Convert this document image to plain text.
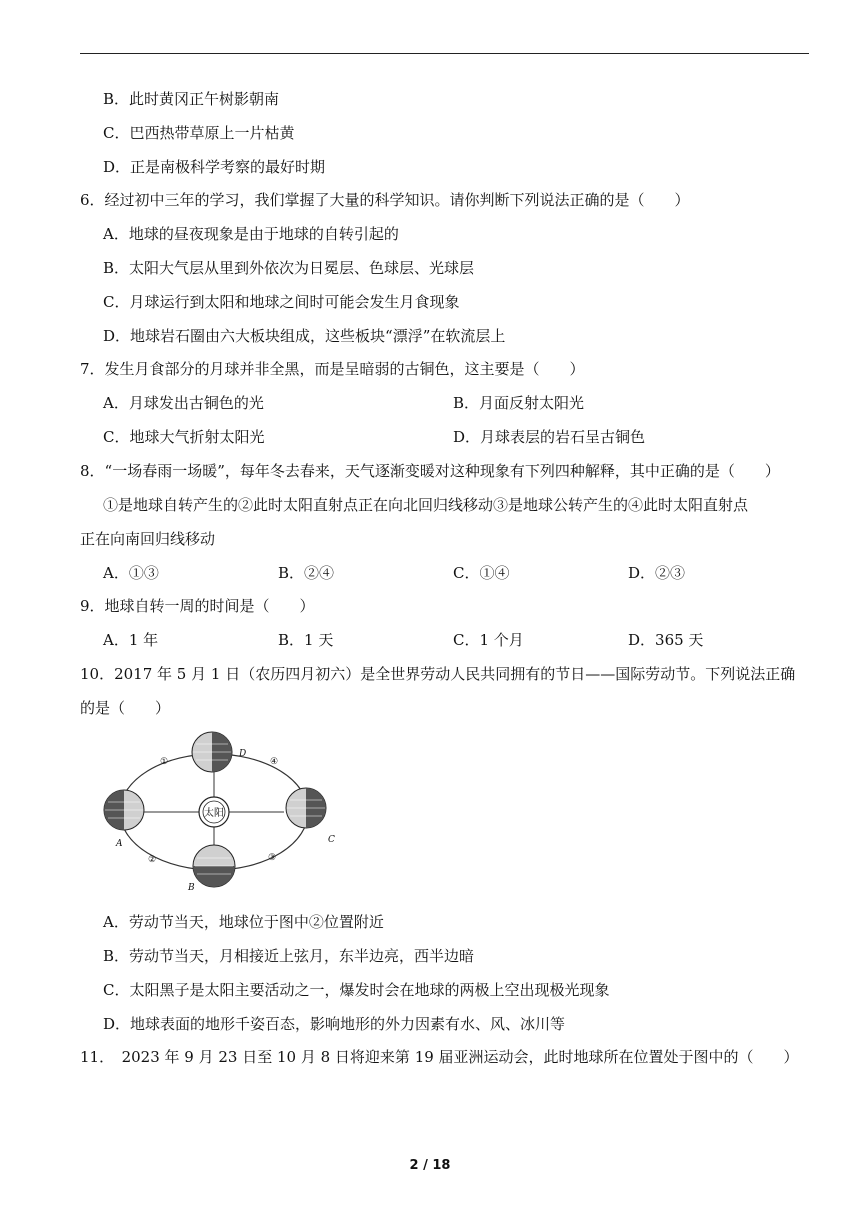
B．此时黄冈正午树影朝南
C．巴西热带草原上一片枯黄
D．正是南极科学考察的最好时期
6．经过初中三年的学习，我们掌握了大量的科学知识。请你判断下列说法正确的是（　　）
A．地球的昼夜现象是由于地球的自转引起的
B．太阳大气层从里到外依次为日冕层、色球层、光球层
C．月球运行到太阳和地球之间时可能会发生月食现象
D．地球岩石圈由六大板块组成，这些板块“漂浮”在软流层上
7．发生月食部分的月球并非全黑，而是呈暗弱的古铜色，这主要是（　　）
A．月球发出古铜色的光	B．月面反射太阳光
C．地球大气折射太阳光	D．月球表层的岩石呈古铜色
8．“一场春雨一场暖”，每年冬去春来，天气逐渐变暖对这种现象有下列四种解释，其中正确的是（　　）
①是地球自转产生的②此时太阳直射点正在向北回归线移动③是地球公转产生的④此时太阳直射点
正在向南回归线移动
A．①③	B．②④	C．①④	D．②③
9．地球自转一周的时间是（　　）
A．1 年	B．1 天	C．1 个月	D．365 天
10．2017 年 5 月 1 日（农历四月初六）是全世界劳动人民共同拥有的节日——国际劳动节。下列说法正确
的是（　　）
太阳
D
A	C
B
①	④
②	③
A．劳动节当天，地球位于图中②位置附近
B．劳动节当天，月相接近上弦月，东半边亮，西半边暗
C．太阳黑子是太阳主要活动之一，爆发时会在地球的两极上空出现极光现象
D．地球表面的地形千姿百态，影响地形的外力因素有水、风、冰川等
11．　2023 年 9 月 23 日至 10 月 8 日将迎来第 19 届亚洲运动会，此时地球所在位置处于图中的（　　）
2 / 18
